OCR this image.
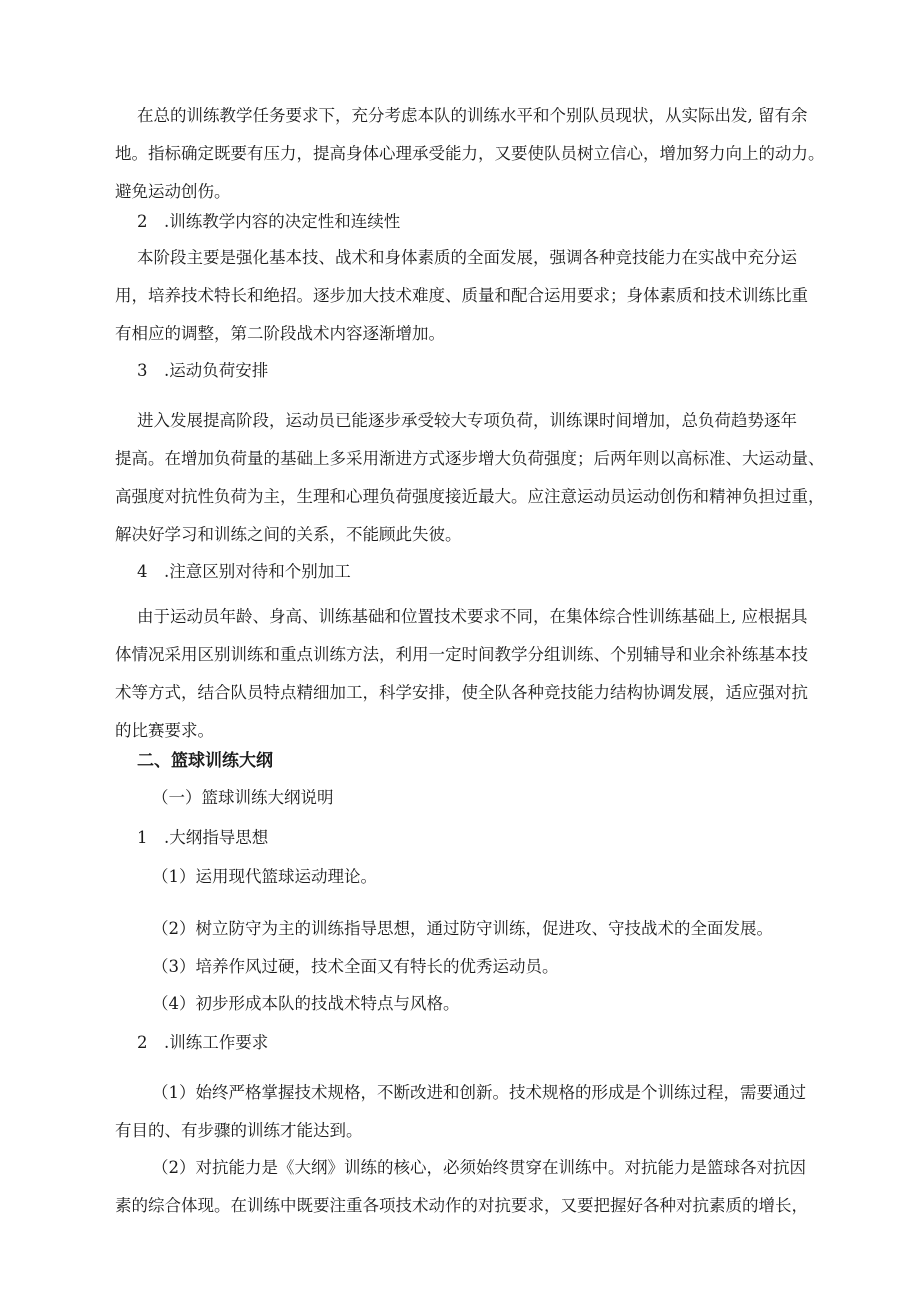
在总的训练教学任务要求下，充分考虑本队的训练水平和个别队员现状，从实际出发, 留有余
地。指标确定既要有压力，提高身体心理承受能力，又要使队员树立信心，增加努力向上的动力。
避免运动创伤。
2　.训练教学内容的决定性和连续性
本阶段主要是强化基本技、战术和身体素质的全面发展，强调各种竞技能力在实战中充分运
用，培养技术特长和绝招。逐步加大技术难度、质量和配合运用要求；身体素质和技术训练比重
有相应的调整，第二阶段战术内容逐渐增加。
3　.运动负荷安排
进入发展提高阶段，运动员已能逐步承受较大专项负荷，训练课时间增加，总负荷趋势逐年
提高。在增加负荷量的基础上多采用渐进方式逐步增大负荷强度；后两年则以高标准、大运动量、
高强度对抗性负荷为主，生理和心理负荷强度接近最大。应注意运动员运动创伤和精神负担过重，
解决好学习和训练之间的关系，不能顾此失彼。
4　.注意区别对待和个别加工
由于运动员年龄、身高、训练基础和位置技术要求不同，在集体综合性训练基础上, 应根据具
体情况采用区别训练和重点训练方法，利用一定时间教学分组训练、个别辅导和业余补练基本技
术等方式，结合队员特点精细加工，科学安排，使全队各种竞技能力结构协调发展，适应强对抗
的比赛要求。
二、篮球训练大纲
（一）篮球训练大纲说明
1　.大纲指导思想
（1）运用现代篮球运动理论。
（2）树立防守为主的训练指导思想，通过防守训练，促进攻、守技战术的全面发展。
（3）培养作风过硬，技术全面又有特长的优秀运动员。
（4）初步形成本队的技战术特点与风格。
2　.训练工作要求
（1）始终严格掌握技术规格，不断改进和创新。技术规格的形成是个训练过程，需要通过
有目的、有步骤的训练才能达到。
（2）对抗能力是《大纲》训练的核心，必须始终贯穿在训练中。对抗能力是篮球各对抗因
素的综合体现。在训练中既要注重各项技术动作的对抗要求，又要把握好各种对抗素质的增长，
